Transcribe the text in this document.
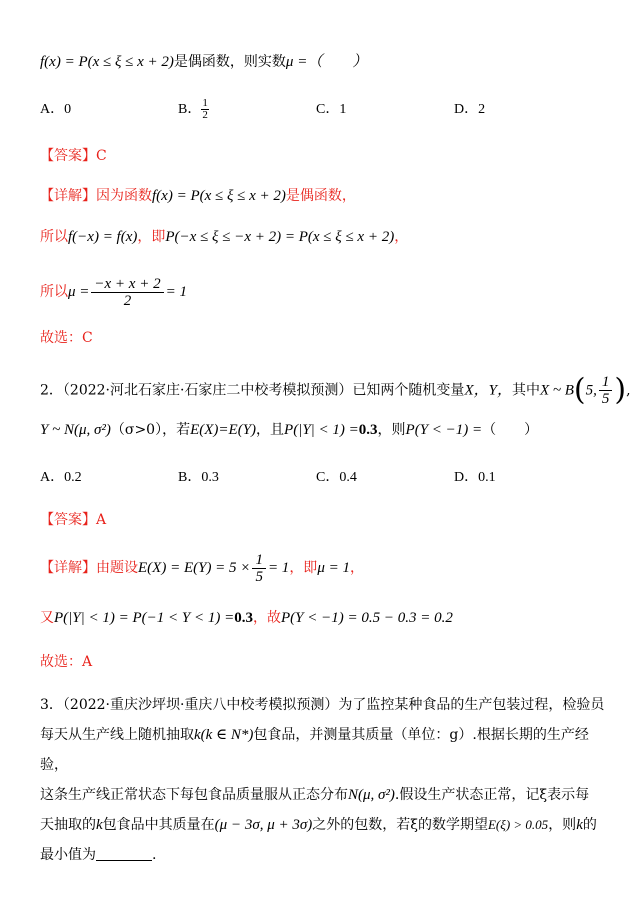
f(x) = P(x ≤ ξ ≤ x + 2)是偶函数，则实数μ =（　　）
A．0	B． $\frac{1}{2}$	C．1	D．2
【答案】C
【详解】因为函数f(x) = P(x ≤ ξ ≤ x + 2)是偶函数，
所以f(−x) = f(x)，即P(−x ≤ ξ ≤ −x + 2) = P(x ≤ ξ ≤ x + 2)，
所以$\mu = \frac{-x + x + 2}{2} = 1$
故选：C
2．（2022·河北石家庄·石家庄二中校考模拟预测）已知两个随机变量X，Y，其中X ~ B(5, $\frac{1}{5}$ ),
Y ~ N(μ, σ²)（σ>0），若E(X)=E(Y)，且P(|Y| < 1) =0.3，则P(Y < −1) =（　　）
A．0.2	B．0.3	C．0.4	D．0.1
【答案】A
【详解】由题设$E(X) = E(Y) = 5 \times \frac{1}{5} = 1$，即μ = 1，
又P(|Y| < 1) = P(−1 < Y < 1) =0.3，故P(Y < −1) = 0.5 − 0.3 = 0.2
故选：A
3．（2022·重庆沙坪坝·重庆八中校考模拟预测）为了监控某种食品的生产包装过程，检验员
每天从生产线上随机抽取k(k ∈ N*)包食品，并测量其质量（单位：g）.根据长期的生产经验，
这条生产线正常状态下每包食品质量服从正态分布N(μ, σ²).假设生产状态正常，记ξ表示每
天抽取的k包食品中其质量在(μ − 3σ, μ + 3σ)之外的包数，若ξ的数学期望E(ξ) > 0.05，则k的
最小值为	.
